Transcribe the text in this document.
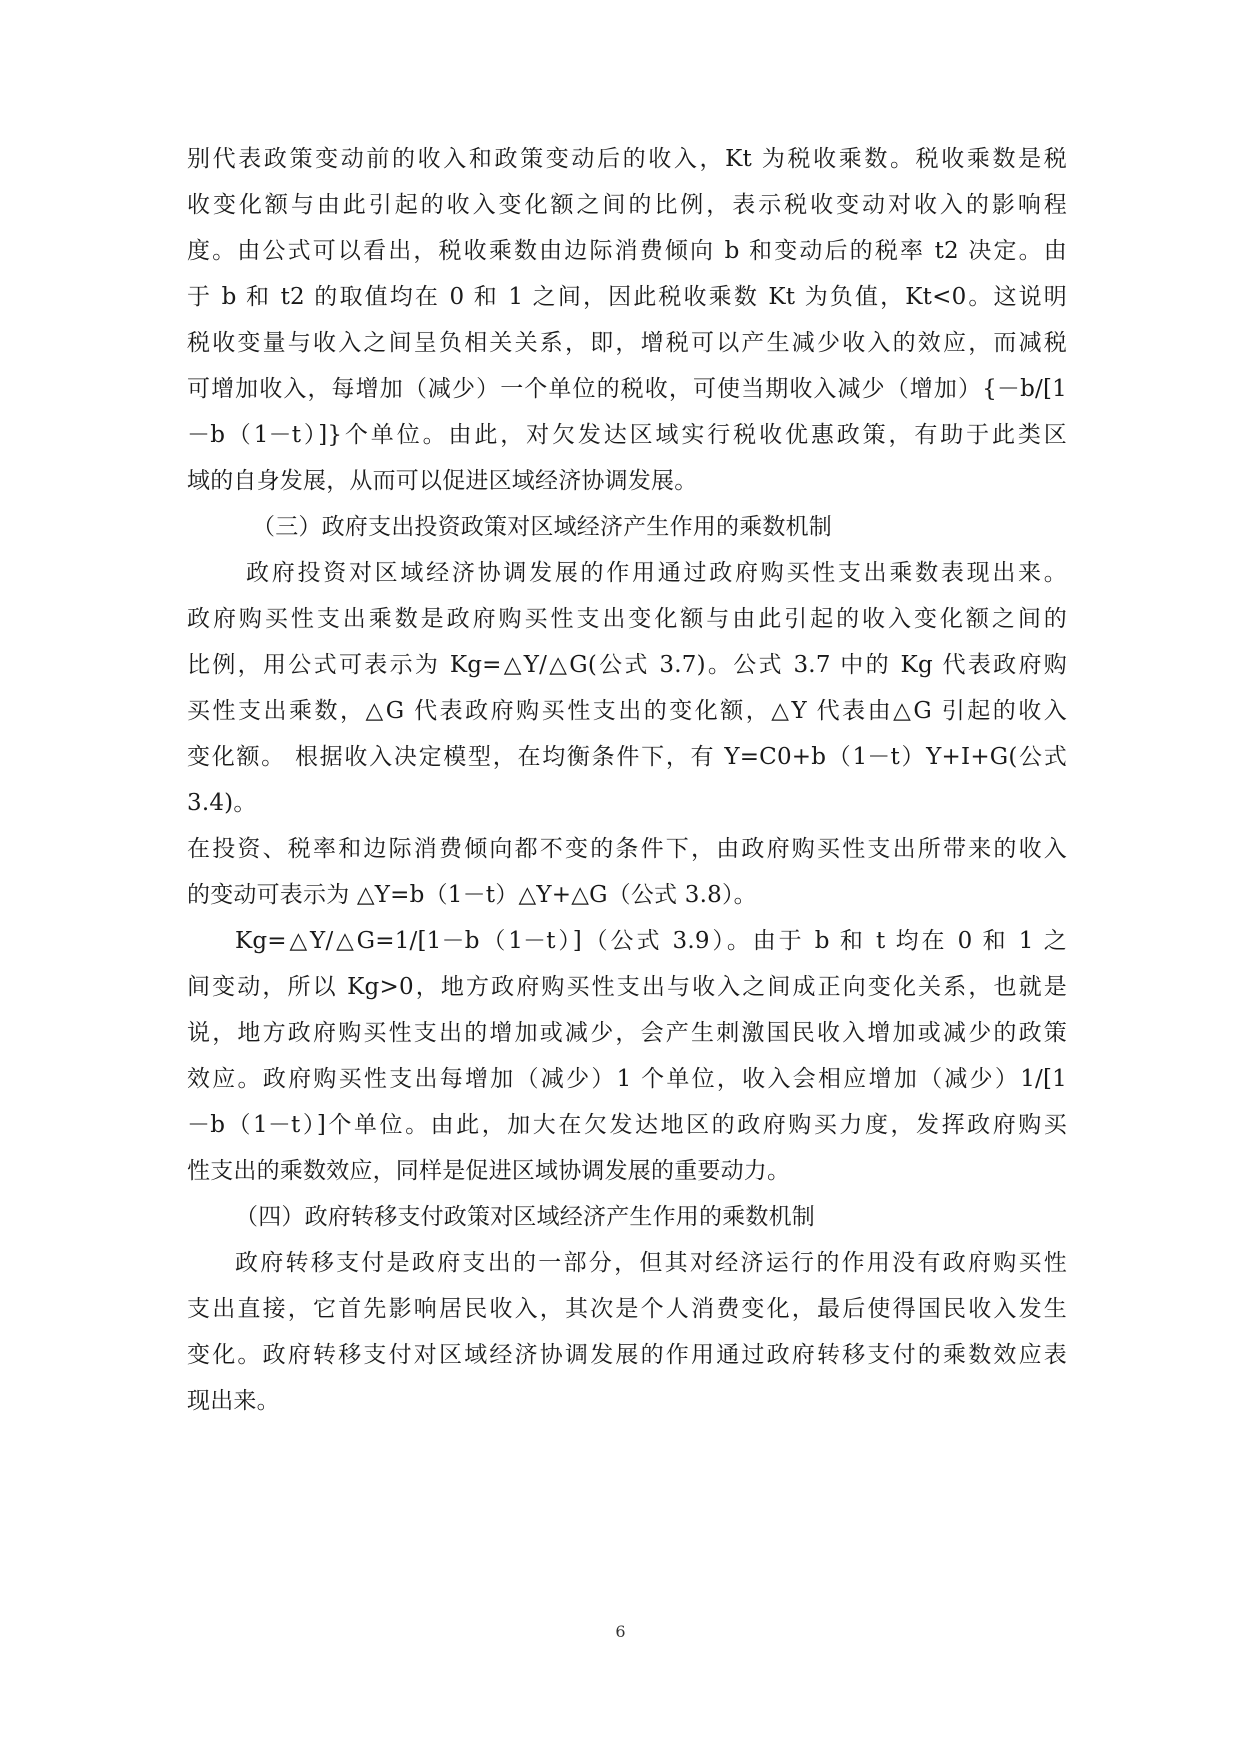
别代表政策变动前的收入和政策变动后的收入，Kt 为税收乘数。税收乘数是税
收变化额与由此引起的收入变化额之间的比例，表示税收变动对收入的影响程
度。由公式可以看出，税收乘数由边际消费倾向 b 和变动后的税率 t2 决定。由
于 b 和 t2 的取值均在 0 和 1 之间，因此税收乘数 Kt 为负值，Kt<0。这说明
税收变量与收入之间呈负相关关系，即，增税可以产生减少收入的效应，而减税
可增加收入，每增加（减少）一个单位的税收，可使当期收入减少（增加）{－b/[1
－b（1－t）]}个单位。由此，对欠发达区域实行税收优惠政策，有助于此类区
域的自身发展，从而可以促进区域经济协调发展。
（三）政府支出投资政策对区域经济产生作用的乘数机制
政府投资对区域经济协调发展的作用通过政府购买性支出乘数表现出来。
政府购买性支出乘数是政府购买性支出变化额与由此引起的收入变化额之间的
比例，用公式可表示为 Kg=△Y/△G(公式 3.7)。公式 3.7 中的 Kg 代表政府购
买性支出乘数，△G 代表政府购买性支出的变化额，△Y 代表由△G 引起的收入
变化额。 根据收入决定模型，在均衡条件下，有 Y=C0+b（1－t）Y+I+G(公式
3.4)。
在投资、税率和边际消费倾向都不变的条件下，由政府购买性支出所带来的收入
的变动可表示为 △Y=b（1－t）△Y+△G（公式 3.8）。
Kg=△Y/△G=1/[1－b（1－t）]（公式 3.9）。由于 b 和 t 均在 0 和 1 之
间变动，所以 Kg>0，地方政府购买性支出与收入之间成正向变化关系，也就是
说，地方政府购买性支出的增加或减少，会产生刺激国民收入增加或减少的政策
效应。政府购买性支出每增加（减少）1 个单位，收入会相应增加（减少）1/[1
－b（1－t）]个单位。由此，加大在欠发达地区的政府购买力度，发挥政府购买
性支出的乘数效应，同样是促进区域协调发展的重要动力。
（四）政府转移支付政策对区域经济产生作用的乘数机制
政府转移支付是政府支出的一部分，但其对经济运行的作用没有政府购买性
支出直接，它首先影响居民收入，其次是个人消费变化，最后使得国民收入发生
变化。政府转移支付对区域经济协调发展的作用通过政府转移支付的乘数效应表
现出来。
6
